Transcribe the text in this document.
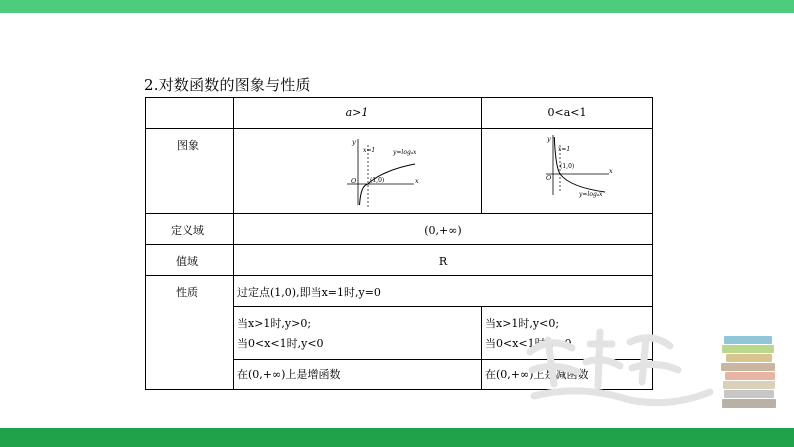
2.对数函数的图象与性质
a>1	0<a<1
图象
定义域
值域
性质
(0,+∞)
R
过定点(1,0),即当x=1时,y=0
当x>1时,y>0;
当0<x<1时,y<0
当x>1时,y<0;
当0<x<1时,y>0
在(0,+∞)上是增函数	在(0,+∞)上是减函数
y
x
O
x=1
(1,0)
y=logₐx
y
x
O
x=1
(1,0)
y=logₐx
